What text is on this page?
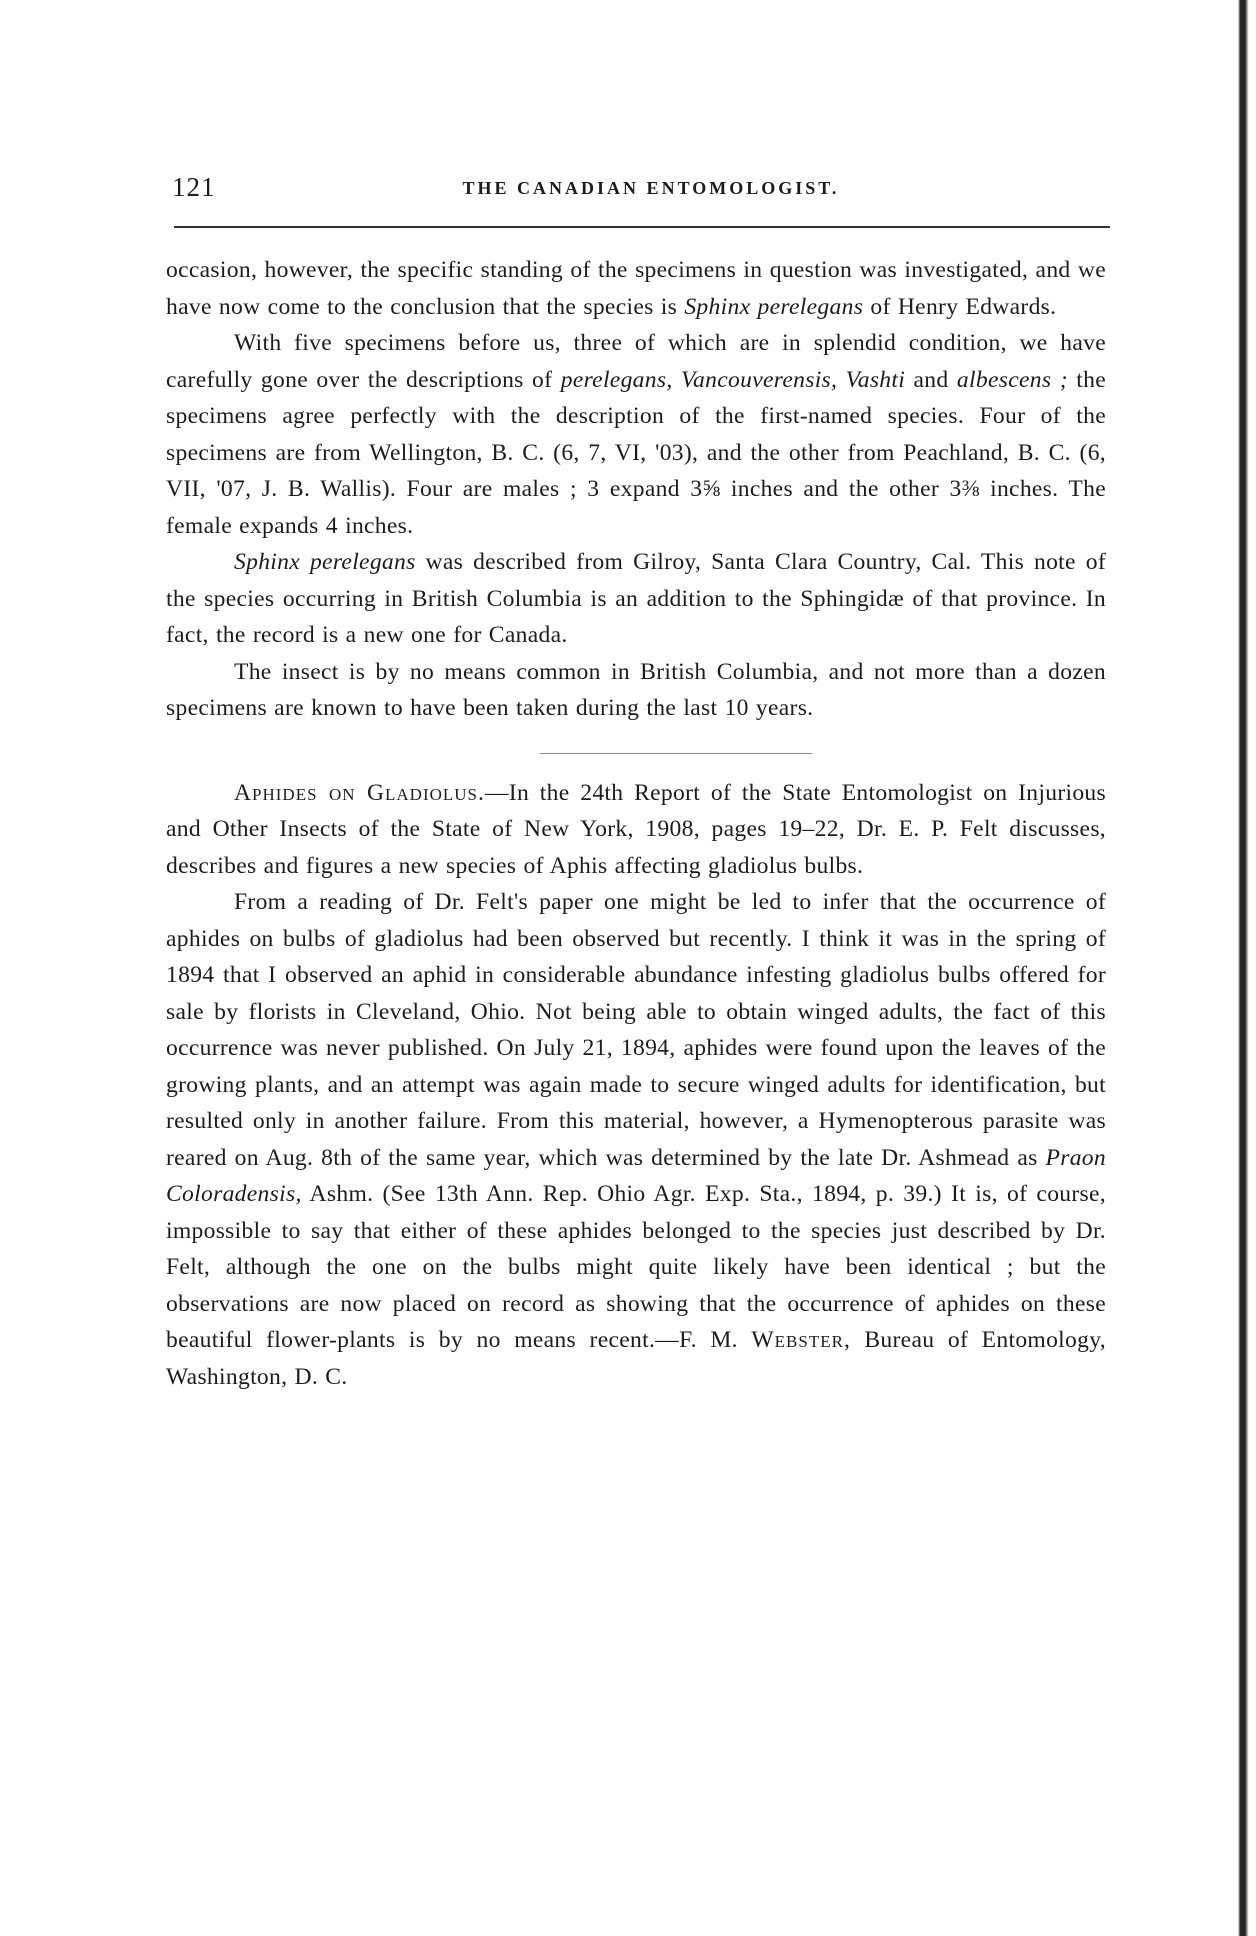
121	THE CANADIAN ENTOMOLOGIST.

occasion, however, the specific standing of the specimens in question was investigated, and we have now come to the conclusion that the species is Sphinx perelegans of Henry Edwards.

With five specimens before us, three of which are in splendid condition, we have carefully gone over the descriptions of perelegans, Vancouverensis, Vashti and albescens ; the specimens agree perfectly with the description of the first-named species. Four of the specimens are from Wellington, B. C. (6, 7, VI, '03), and the other from Peachland, B. C. (6, VII, '07, J. B. Wallis). Four are males ; 3 expand 3⅝ inches and the other 3⅜ inches. The female expands 4 inches.

Sphinx perelegans was described from Gilroy, Santa Clara Country, Cal. This note of the species occurring in British Columbia is an addition to the Sphingidæ of that province. In fact, the record is a new one for Canada.

The insect is by no means common in British Columbia, and not more than a dozen specimens are known to have been taken during the last 10 years.

Aphides on Gladiolus.—In the 24th Report of the State Entomologist on Injurious and Other Insects of the State of New York, 1908, pages 19–22, Dr. E. P. Felt discusses, describes and figures a new species of Aphis affecting gladiolus bulbs.

From a reading of Dr. Felt's paper one might be led to infer that the occurrence of aphides on bulbs of gladiolus had been observed but recently. I think it was in the spring of 1894 that I observed an aphid in considerable abundance infesting gladiolus bulbs offered for sale by florists in Cleveland, Ohio. Not being able to obtain winged adults, the fact of this occurrence was never published. On July 21, 1894, aphides were found upon the leaves of the growing plants, and an attempt was again made to secure winged adults for identification, but resulted only in another failure. From this material, however, a Hymenopterous parasite was reared on Aug. 8th of the same year, which was determined by the late Dr. Ashmead as Praon Coloradensis, Ashm. (See 13th Ann. Rep. Ohio Agr. Exp. Sta., 1894, p. 39.) It is, of course, impossible to say that either of these aphides belonged to the species just described by Dr. Felt, although the one on the bulbs might quite likely have been identical ; but the observations are now placed on record as showing that the occurrence of aphides on these beautiful flower-plants is by no means recent.—F. M. Webster, Bureau of Entomology, Washington, D. C.
